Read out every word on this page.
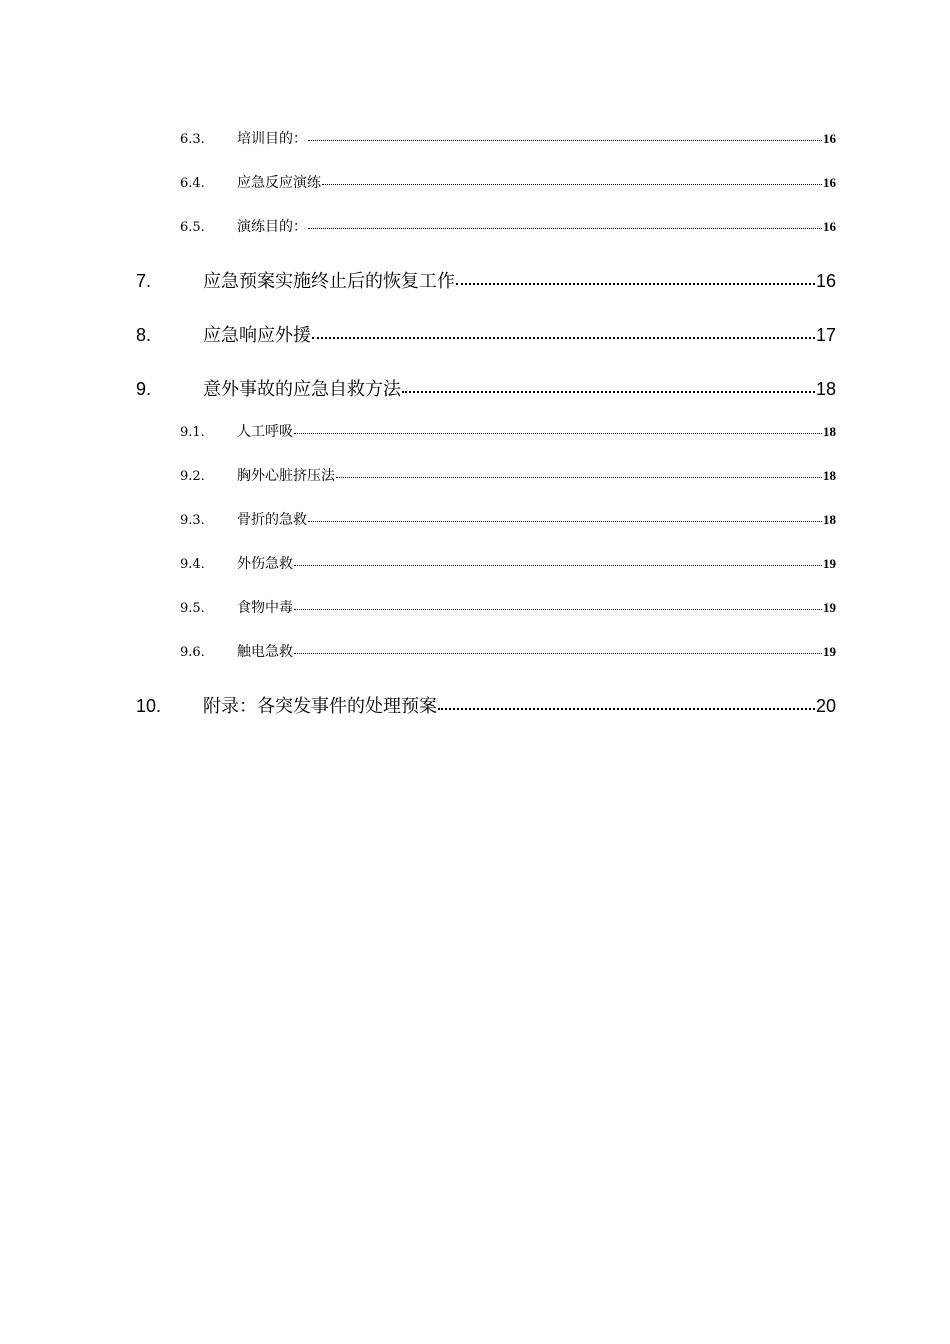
6.3.	培训目的：	16
6.4.	应急反应演练	16
6.5.	演练目的：	16
7.	应急预案实施终止后的恢复工作	16
8.	应急响应外援	17
9.	意外事故的应急自救方法	18
9.1.	人工呼吸	18
9.2.	胸外心脏挤压法	18
9.3.	骨折的急救	18
9.4.	外伤急救	19
9.5.	食物中毒	19
9.6.	触电急救	19
10.	附录：各突发事件的处理预案	20
